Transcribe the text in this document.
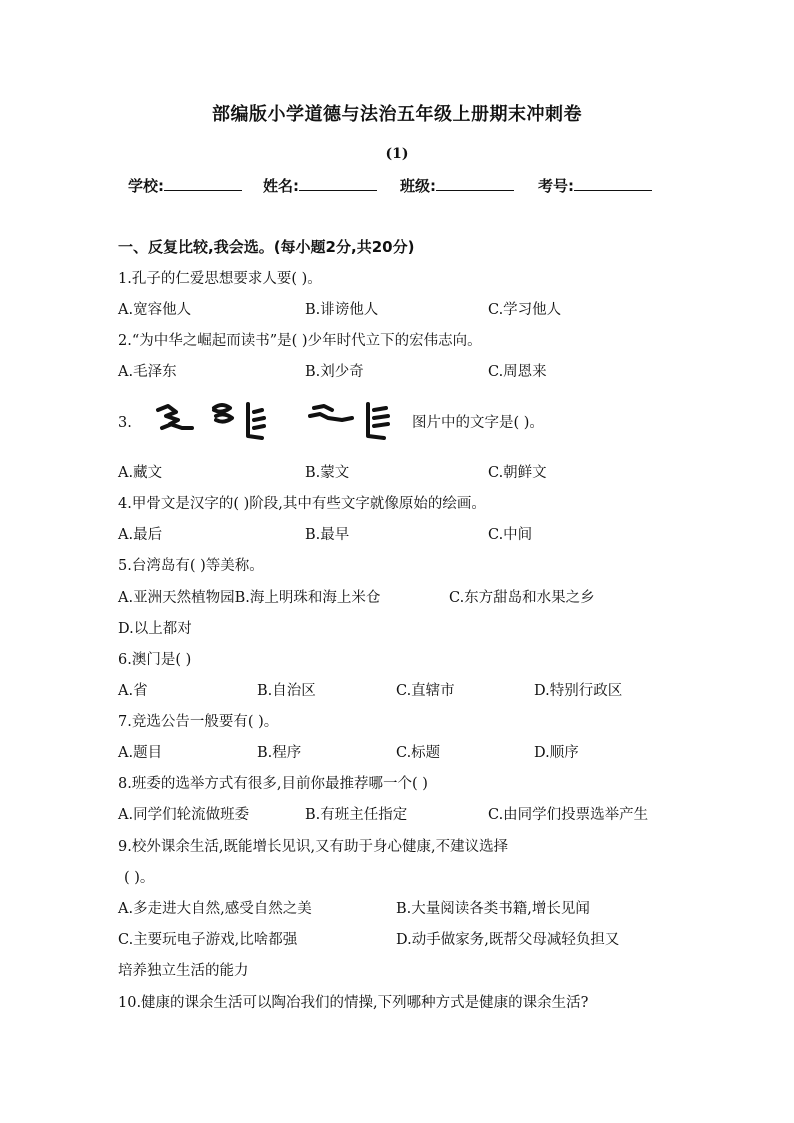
部编版小学道德与法治五年级上册期末冲刺卷
(1)
学校:	姓名:	班级:	考号:
一、反复比较,我会选。(每小题2分,共20分)
1.孔子的仁爱思想要求人要( )。
A.宽容他人	B.诽谤他人	C.学习他人
2.“为中华之崛起而读书”是( )少年时代立下的宏伟志向。
A.毛泽东	B.刘少奇	C.周恩来
3.	图片中的文字是( )。
A.藏文	B.蒙文	C.朝鲜文
4.甲骨文是汉字的( )阶段,其中有些文字就像原始的绘画。
A.最后	B.最早	C.中间
5.台湾岛有( )等美称。
A.亚洲天然植物园B.海上明珠和海上米仓	C.东方甜岛和水果之乡
D.以上都对
6.澳门是( )
A.省	B.自治区	C.直辖市	D.特别行政区
7.竞选公告一般要有( )。
A.题目	B.程序	C.标题	D.顺序
8.班委的选举方式有很多,目前你最推荐哪一个( )
A.同学们轮流做班委	B.有班主任指定	C.由同学们投票选举产生
9.校外课余生活,既能增长见识,又有助于身心健康,不建议选择
( )。
A.多走进大自然,感受自然之美	B.大量阅读各类书籍,增长见闻
C.主要玩电子游戏,比啥都强	D.动手做家务,既帮父母减轻负担又
培养独立生活的能力
10.健康的课余生活可以陶冶我们的情操,下列哪种方式是健康的课余生活?
